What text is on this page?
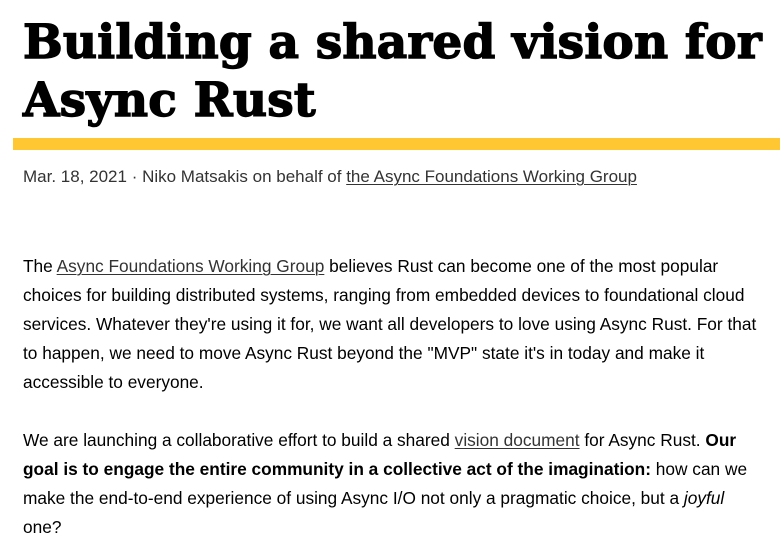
Building a shared vision for Async Rust
Mar. 18, 2021 · Niko Matsakis on behalf of the Async Foundations Working Group

The Async Foundations Working Group believes Rust can become one of the most popular choices for building distributed systems, ranging from embedded devices to foundational cloud services. Whatever they're using it for, we want all developers to love using Async Rust. For that to happen, we need to move Async Rust beyond the "MVP" state it's in today and make it accessible to everyone.

We are launching a collaborative effort to build a shared vision document for Async Rust. Our goal is to engage the entire community in a collective act of the imagination: how can we make the end-to-end experience of using Async I/O not only a pragmatic choice, but a joyful one?
